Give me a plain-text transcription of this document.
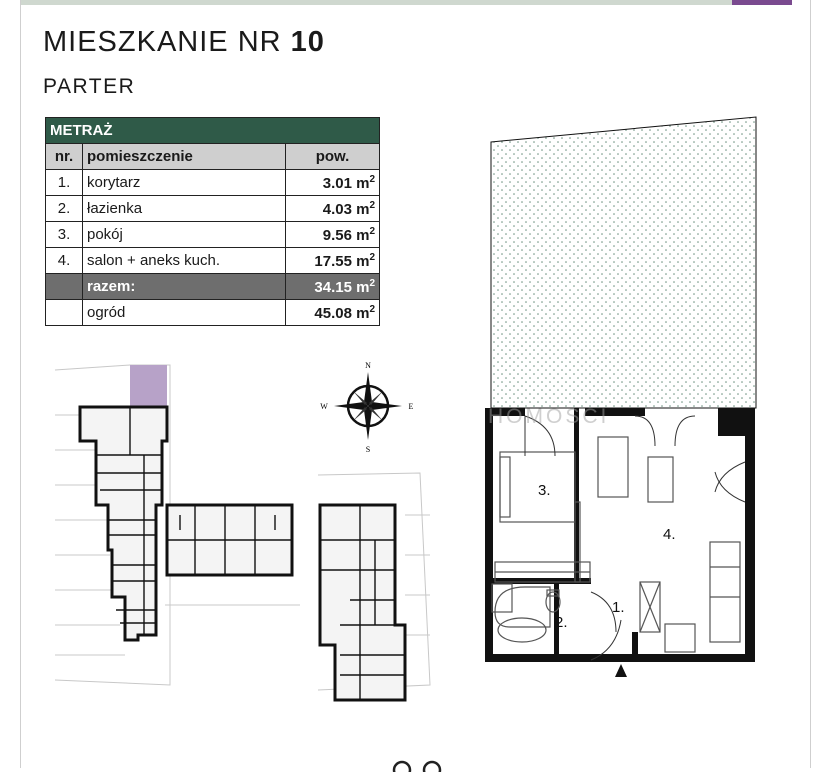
MIESZKANIE NR 10
PARTER
METRAŻ		
nr.	pomieszczenie	pow.
1.	korytarz	3.01 $m^2$
2.	łazienka	4.03 $m^2$
3.	pokój	9.56 $m^2$
4.	salon + aneks kuch.	17.55 $m^2$
	razem:	34.15 $m^2$
	ogród	45.08 $m^2$
N
S
W	E
3.
4.
1.
2.
HOMOSCI
